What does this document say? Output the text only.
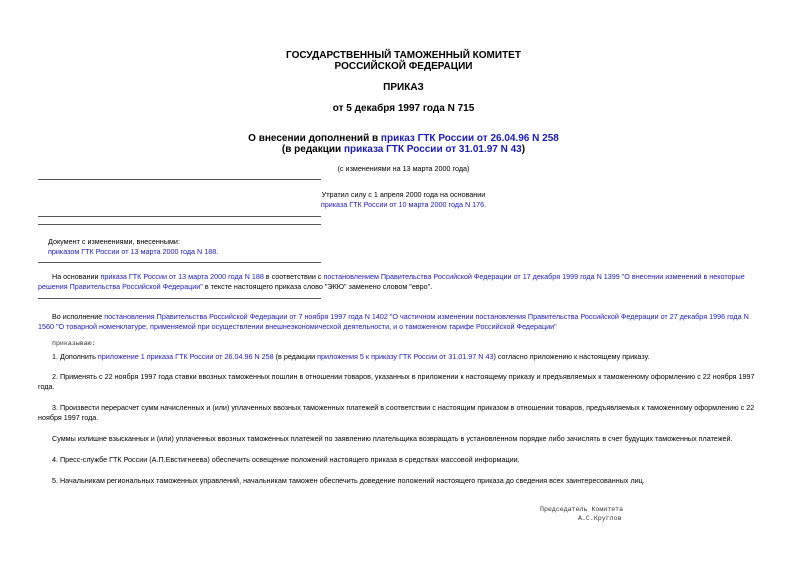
ГОСУДАРСТВЕННЫЙ ТАМОЖЕННЫЙ КОМИТЕТ
РОССИЙСКОЙ ФЕДЕРАЦИИ
ПРИКАЗ
от 5 декабря 1997 года N 715
О внесении дополнений в приказ ГТК России от 26.04.96 N 258
(в редакции приказа ГТК России от 31.01.97 N 43)
(с изменениями на 13 марта 2000 года)
Утратил силу с 1 апреля 2000 года на основании
приказа ГТК России от 10 марта 2000 года N 176.
Документ с изменениями, внесенными:
приказом ГТК России от 13 марта 2000 года N 188.
На основании приказа ГТК России от 13 марта 2000 года N 188 в соответствии с постановлением Правительства Российской Федерации от 17 декабря 1999 года N 1399 "О внесении изменений в некоторые
решения Правительства Российской Федерации" в тексте настоящего приказа слово "ЭКЮ" заменено словом "евро".
Во исполнение постановления Правительства Российской Федерации от 7 ноября 1997 года N 1402 "О частичном изменении постановления Правительства Российской Федерации от 27 декабря 1996 года N
1560 "О товарной номенклатуре, применяемой при осуществлении внешнеэкономической деятельности, и о таможенном тарифе Российской Федерации"
приказываю:
1. Дополнить приложение 1 приказа ГТК России от 26.04.96 N 258 (в редакции приложения 5 к приказу ГТК России от 31.01.97 N 43) согласно приложению к настоящему приказу.
2. Применять с 22 ноября 1997 года ставки ввозных таможенных пошлин в отношении товаров, указанных в приложении к настоящему приказу и предъявляемых к таможенному оформлению с 22 ноября 1997
года.
3. Произвести перерасчет сумм начисленных и (или) уплаченных ввозных таможенных платежей в соответствии с настоящим приказом в отношении товаров, предъявляемых к таможенному оформлению с 22
ноября 1997 года.
Суммы излишне взысканных и (или) уплаченных ввозных таможенных платежей по заявлению плательщика возвращать в установленном порядке либо зачислять в счет будущих таможенных платежей.
4. Пресс-службе ГТК России (А.П.Евстигнеева) обеспечить освещение положений настоящего приказа в средствах массовой информации.
5. Начальникам региональных таможенных управлений, начальникам таможен обеспечить доведение положений настоящего приказа до сведения всех заинтересованных лиц.
Председатель Комитета
А.С.Круглов
